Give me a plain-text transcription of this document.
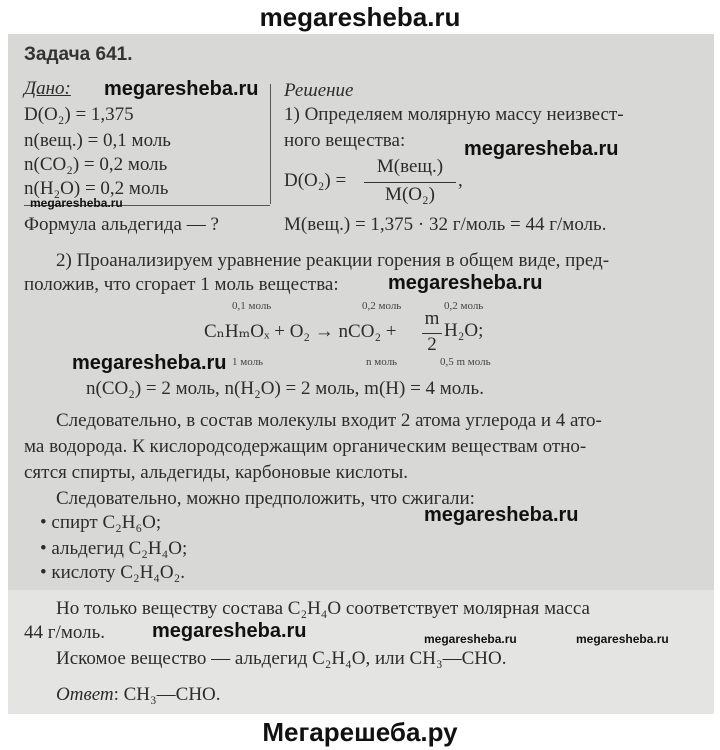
megaresheba.ru
Задача 641.
Дано:
D(O₂) = 1,375
n(вещ.) = 0,1 моль
n(CO₂) = 0,2 моль
n(H₂O) = 0,2 моль
Формула альдегида — ?
Решение
1) Определяем молярную массу неизвест-
ного вещества:
D(O₂) =
M(вещ.)
M(O₂)
,
M(вещ.) = 1,375 · 32 г/моль = 44 г/моль.
2) Проанализируем уравнение реакции горения в общем виде, пред-
положив, что сгорает 1 моль вещества:
0,1 моль	0,2 моль	0,2 моль
CₙHₘOₓ + O₂ → nCO₂ +
m
2
H₂O;
1 моль	n моль	0,5 m моль
n(CO₂) = 2 моль, n(H₂O) = 2 моль, m(H) = 4 моль.
Следовательно, в состав молекулы входит 2 атома углерода и 4 ато-
ма водорода. К кислородсодержащим органическим веществам отно-
сятся спирты, альдегиды, карбоновые кислоты.
Следовательно, можно предположить, что сжигали:
• спирт C₂H₆O;
• альдегид C₂H₄O;
• кислоту C₂H₄O₂.
Но только веществу состава C₂H₄O соответствует молярная масса
44 г/моль.
Искомое вещество — альдегид C₂H₄O, или CH₃—CHO.
Ответ: CH₃—CHO.
megaresheba.ru
megaresheba.ru
megaresheba.ru
megaresheba.ru
megaresheba.ru
megaresheba.ru
megaresheba.ru	megaresheba.ru	megaresheba.ru
Мегарешеба.ру
